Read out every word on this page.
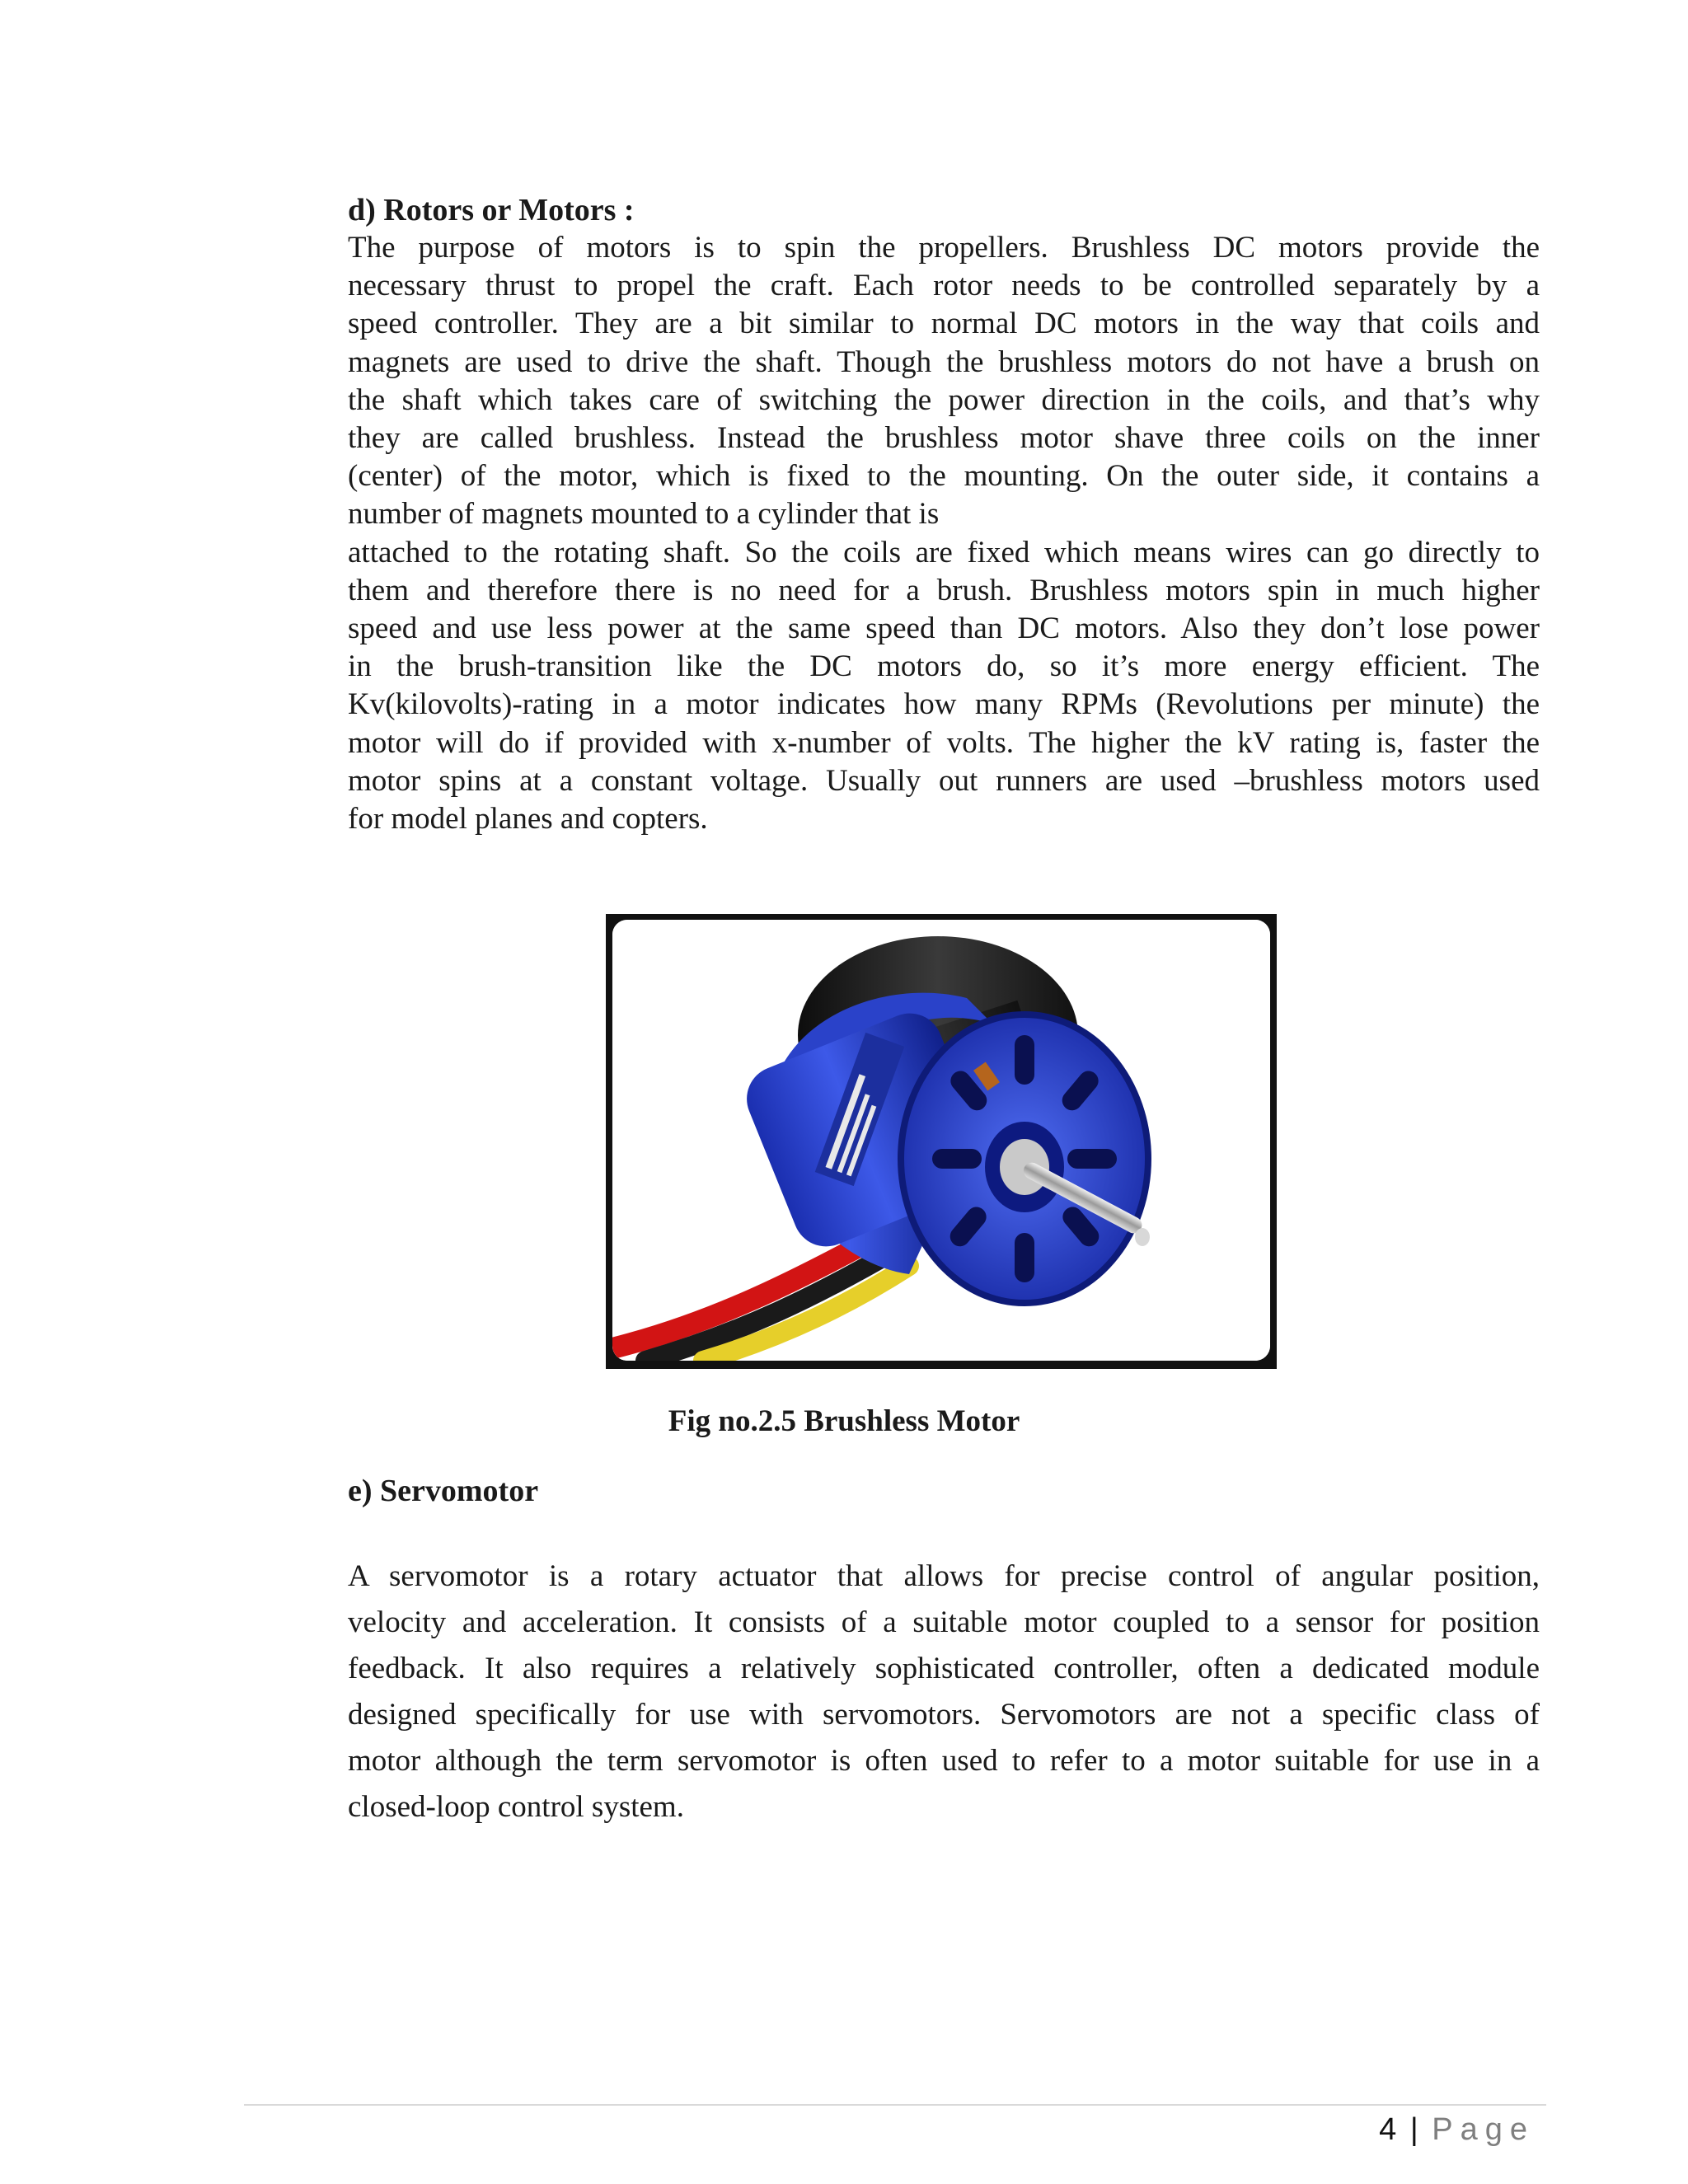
d) Rotors or Motors :

The purpose of motors is to spin the propellers. Brushless DC motors provide the
necessary thrust to propel the craft. Each rotor needs to be controlled separately by a
speed controller. They are a bit similar to normal DC motors in the way that coils and
magnets are used to drive the shaft. Though the brushless motors do not have a brush on
the shaft which takes care of switching the power direction in the coils, and that’s why
they are called brushless. Instead the brushless motor shave three coils on the inner
(center) of the motor, which is fixed to the mounting. On the outer side, it contains a
number of magnets mounted to a cylinder that is
attached to the rotating shaft. So the coils are fixed which means wires can go directly to
them and therefore there is no need for a brush. Brushless motors spin in much higher
speed and use less power at the same speed than DC motors. Also they don’t lose power
in the brush-transition like the DC motors do, so it’s more energy efficient. The
Kv(kilovolts)-rating in a motor indicates how many RPMs (Revolutions per minute) the
motor will do if provided with x-number of volts. The higher the kV rating is, faster the
motor spins at a constant voltage. Usually out runners are used –brushless motors used
for model planes and copters.

Fig no.2.5 Brushless Motor
e) Servomotor
A servomotor is a rotary actuator that allows for precise control of angular position,
velocity and acceleration. It consists of a suitable motor coupled to a sensor for position
feedback. It also requires a relatively sophisticated controller, often a dedicated module
designed specifically for use with servomotors. Servomotors are not a specific class of
motor although the term servomotor is often used to refer to a motor suitable for use in a
closed-loop control system.
4 | Page
